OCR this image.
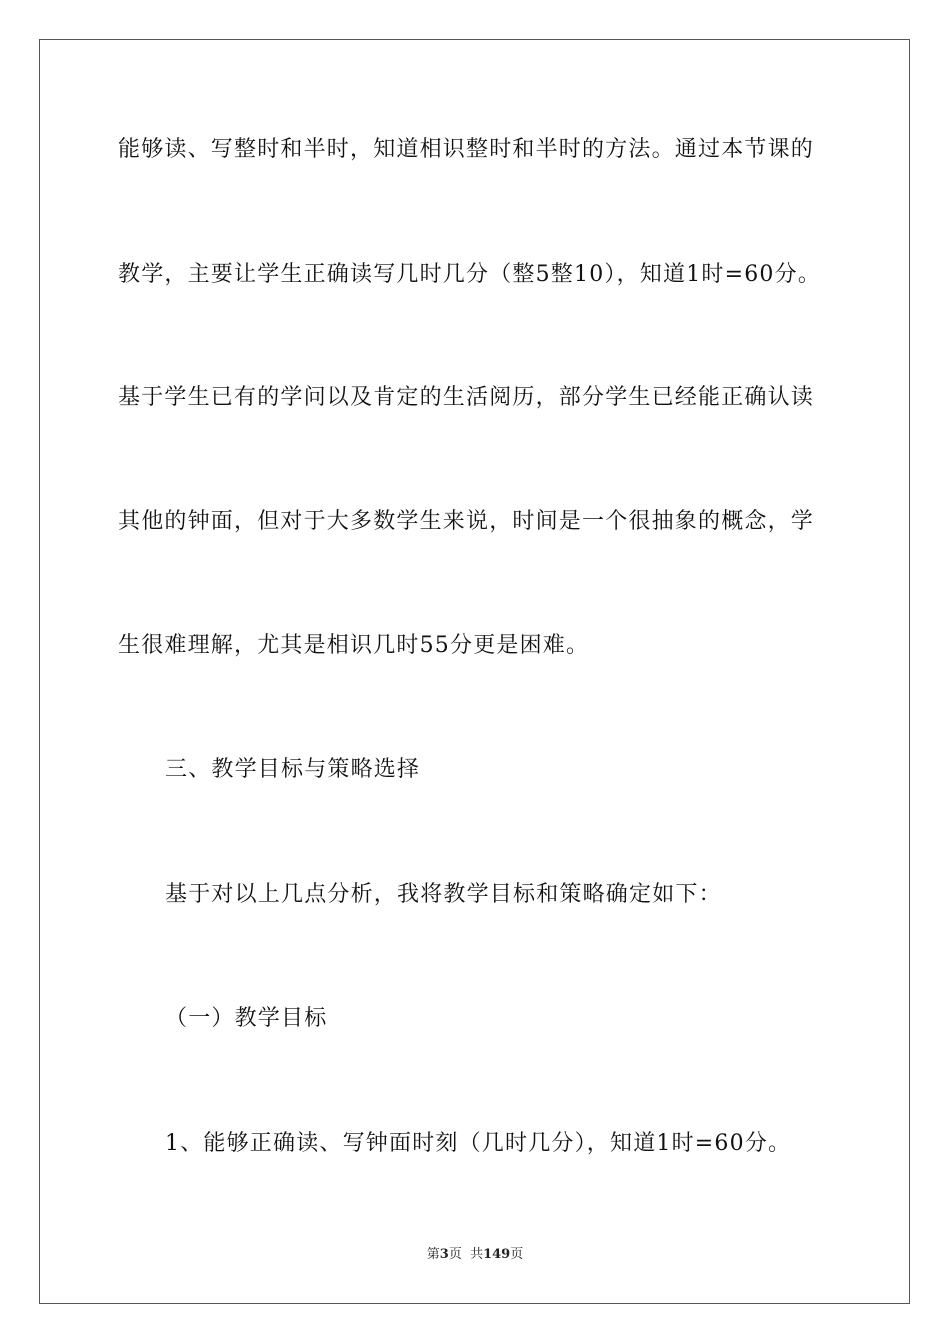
能够读、写整时和半时，知道相识整时和半时的方法。通过本节课的
教学，主要让学生正确读写几时几分（整5整10），知道1时=60分。
基于学生已有的学问以及肯定的生活阅历，部分学生已经能正确认读
其他的钟面，但对于大多数学生来说，时间是一个很抽象的概念，学
生很难理解，尤其是相识几时55分更是困难。
三、教学目标与策略选择
基于对以上几点分析，我将教学目标和策略确定如下：
（一）教学目标
1、能够正确读、写钟面时刻（几时几分），知道1时=60分。
第3页  共149页
